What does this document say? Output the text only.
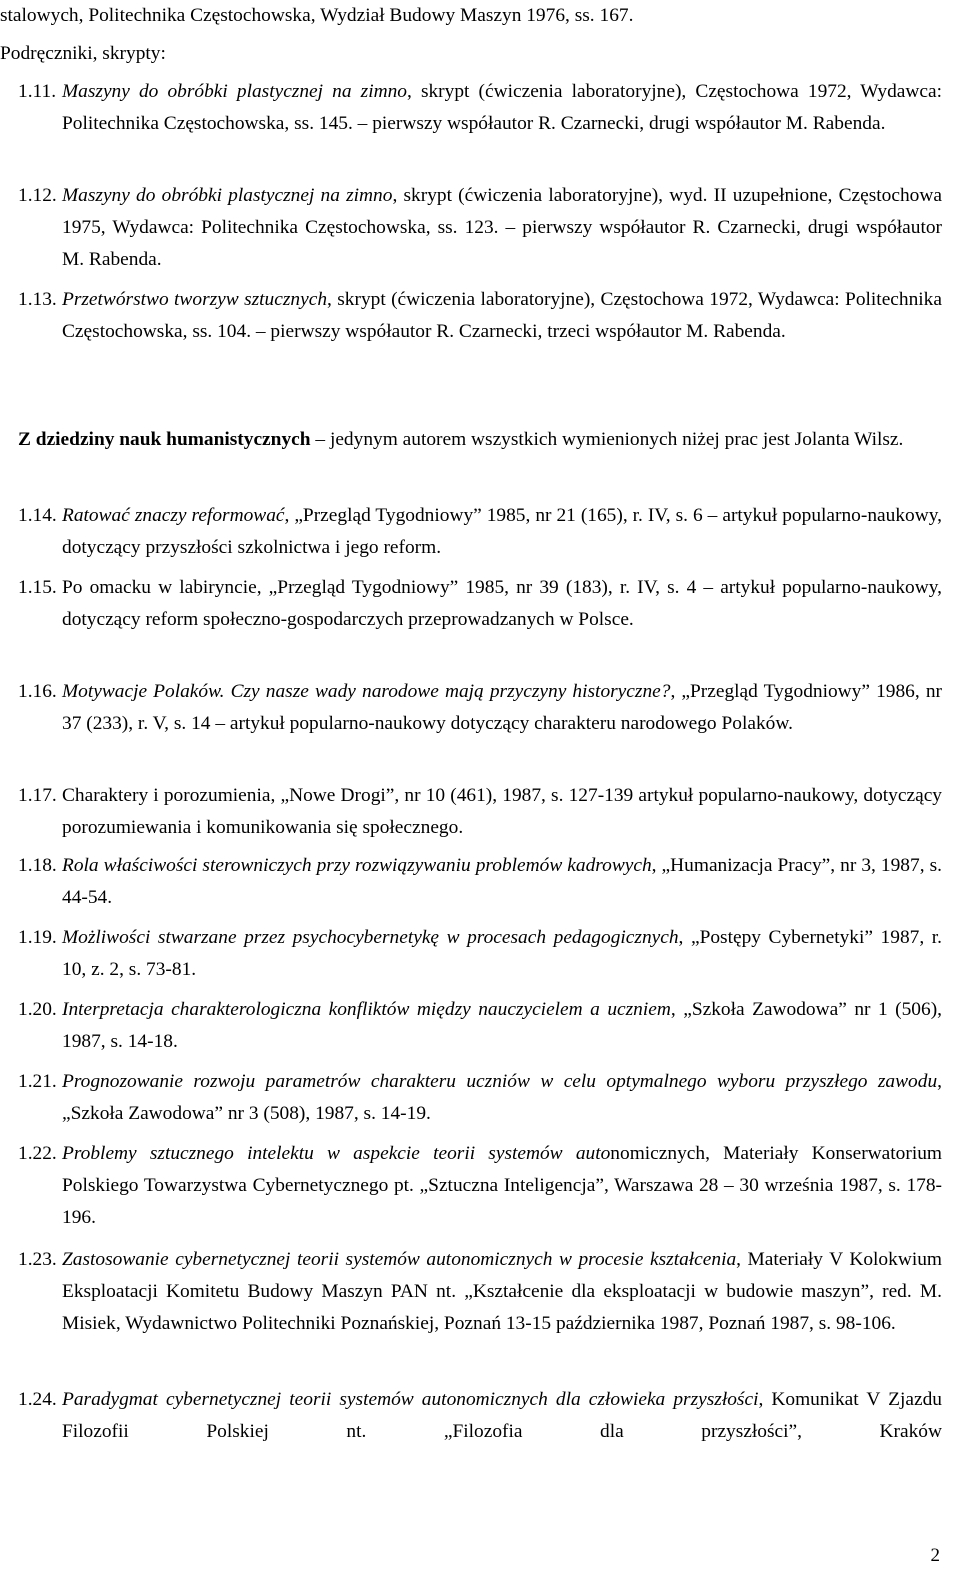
stalowych, Politechnika Częstochowska, Wydział Budowy Maszyn 1976, ss. 167.
Podręczniki, skrypty:
1.11. Maszyny do obróbki plastycznej na zimno, skrypt (ćwiczenia laboratoryjne), Częstochowa 1972, Wydawca: Politechnika Częstochowska, ss. 145. – pierwszy współautor R. Czarnecki, drugi współautor M. Rabenda.
1.12. Maszyny do obróbki plastycznej na zimno, skrypt (ćwiczenia laboratoryjne), wyd. II uzupełnione, Częstochowa 1975, Wydawca: Politechnika Częstochowska, ss. 123. – pierwszy współautor R. Czarnecki, drugi współautor M. Rabenda.
1.13. Przetwórstwo tworzyw sztucznych, skrypt (ćwiczenia laboratoryjne), Częstochowa 1972, Wydawca: Politechnika Częstochowska, ss. 104. – pierwszy współautor R. Czarnecki, trzeci współautor M. Rabenda.
Z dziedziny nauk humanistycznych – jedynym autorem wszystkich wymienionych niżej prac jest Jolanta Wilsz.
1.14. Ratować znaczy reformować, „Przegląd Tygodniowy” 1985, nr 21 (165), r. IV, s. 6 – artykuł popularno-naukowy, dotyczący przyszłości szkolnictwa i jego reform.
1.15. Po omacku w labiryncie, „Przegląd Tygodniowy” 1985, nr 39 (183), r. IV, s. 4 – artykuł popularno-naukowy, dotyczący reform społeczno-gospodarczych przeprowadzanych w Polsce.
1.16. Motywacje Polaków. Czy nasze wady narodowe mają przyczyny historyczne?, „Przegląd Tygodniowy” 1986, nr 37 (233), r. V, s. 14 – artykuł popularno-naukowy dotyczący charakteru narodowego Polaków.
1.17. Charaktery i porozumienia, „Nowe Drogi”, nr 10 (461), 1987, s. 127-139 artykuł popularno-naukowy, dotyczący porozumiewania i komunikowania się społecznego.
1.18. Rola właściwości sterowniczych przy rozwiązywaniu problemów kadrowych, „Humanizacja Pracy”, nr 3, 1987, s. 44-54.
1.19. Możliwości stwarzane przez psychocybernetykę w procesach pedagogicznych, „Postępy Cybernetyki” 1987, r. 10, z. 2, s. 73-81.
1.20. Interpretacja charakterologiczna konfliktów między nauczycielem a uczniem, „Szkoła Zawodowa” nr 1 (506), 1987, s. 14-18.
1.21. Prognozowanie rozwoju parametrów charakteru uczniów w celu optymalnego wyboru przyszłego zawodu, „Szkoła Zawodowa” nr 3 (508), 1987, s. 14-19.
1.22. Problemy sztucznego intelektu w aspekcie teorii systemów autonomicznych, Materiały Konserwatorium Polskiego Towarzystwa Cybernetycznego pt. „Sztuczna Inteligencja”, Warszawa 28 – 30 września 1987, s. 178-196.
1.23. Zastosowanie cybernetycznej teorii systemów autonomicznych w procesie kształcenia, Materiały V Kolokwium Eksploatacji Komitetu Budowy Maszyn PAN nt. „Kształcenie dla eksploatacji w budowie maszyn”, red. M. Misiek, Wydawnictwo Politechniki Poznańskiej, Poznań 13-15 października 1987, Poznań 1987, s. 98-106.
1.24. Paradygmat cybernetycznej teorii systemów autonomicznych dla człowieka przyszłości, Komunikat V Zjazdu Filozofii Polskiej nt. „Filozofia dla przyszłości”, Kraków
2
